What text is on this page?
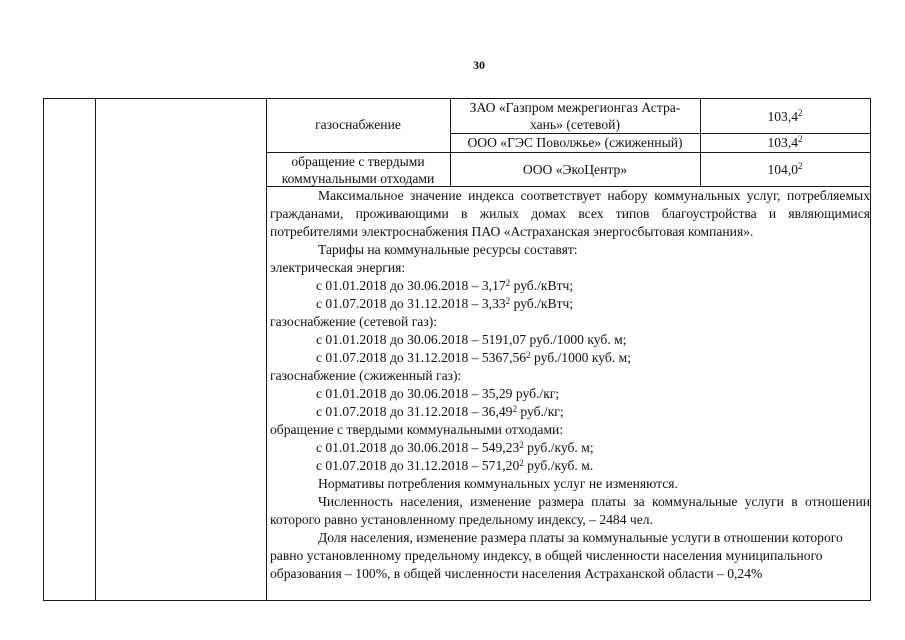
30
газоснабжение
ЗАО «Газпром межрегионгаз Астра-
хань» (сетевой)
103,4$^2$
ООО «ГЭС Поволжье» (сжиженный)	103,4$^2$
обращение с твердыми
коммунальными отходами
ООО «ЭкоЦентр»	104,0$^2$

Максимальное значение индекса соответствует набору коммунальных услуг, потребляемых гражданами, проживающими в жилых домах всех типов благоустройства и являющимися потребителями электроснабжения ПАО «Астраханская энергосбытовая компания».

Тарифы на коммунальные ресурсы составят:

электрическая энергия:

с 01.01.2018 до 30.06.2018 – 3,17$^2$ руб./кВтч;

с 01.07.2018 до 31.12.2018 – 3,33$^2$ руб./кВтч;

газоснабжение (сетевой газ):

с 01.01.2018 до 30.06.2018 – 5191,07 руб./1000 куб. м;

с 01.07.2018 до 31.12.2018 – 5367,56$^2$ руб./1000 куб. м;

газоснабжение (сжиженный газ):

с 01.01.2018 до 30.06.2018 – 35,29 руб./кг;

с 01.07.2018 до 31.12.2018 – 36,49$^2$ руб./кг;

обращение с твердыми коммунальными отходами:

с 01.01.2018 до 30.06.2018 – 549,23$^2$ руб./куб. м;

с 01.07.2018 до 31.12.2018 – 571,20$^2$ руб./куб. м.

Нормативы потребления коммунальных услуг не изменяются.

Численность населения, изменение размера платы за коммунальные услуги в отношении которого равно установленному предельному индексу, – 2484 чел.

Доля населения, изменение размера платы за коммунальные услуги в отношении которого равно установленному предельному индексу, в общей численности населения муниципального образования – 100%, в общей численности населения Астраханской области – 0,24%
